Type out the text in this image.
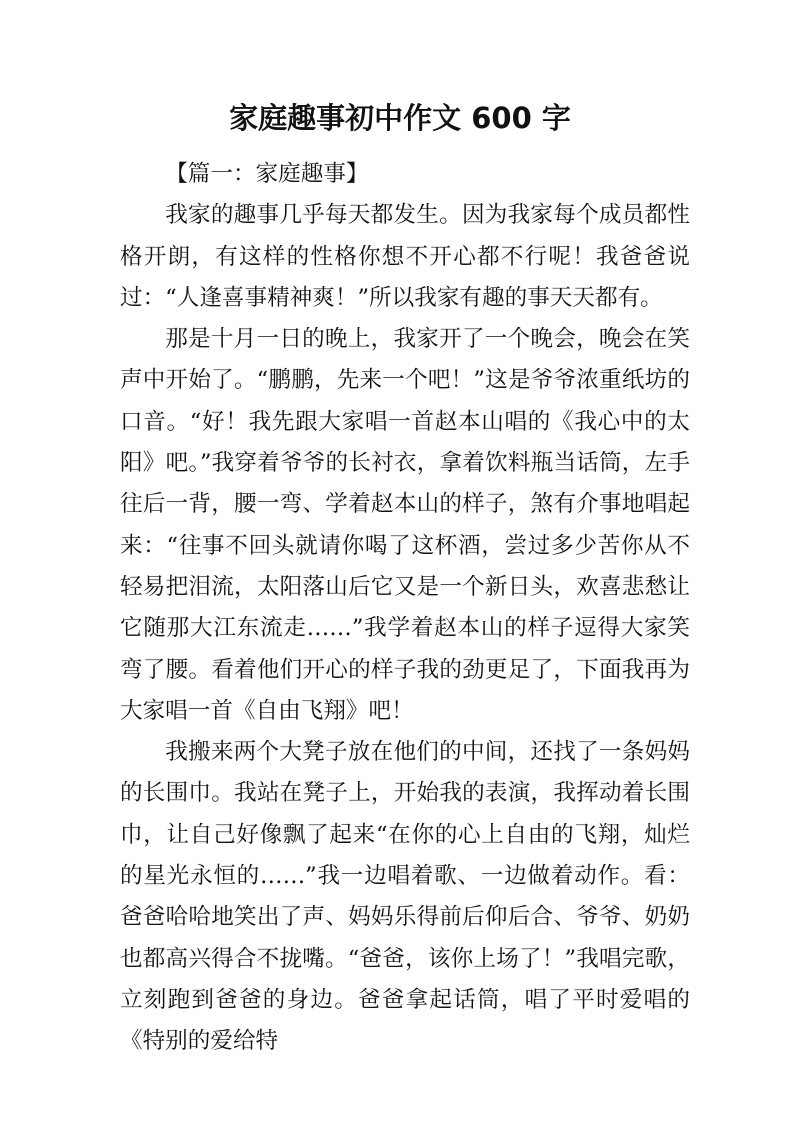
家庭趣事初中作文 600 字

【篇一：家庭趣事】

我家的趣事几乎每天都发生。因为我家每个成员都性格开朗，有这样的性格你想不开心都不行呢！我爸爸说过：“人逢喜事精神爽！”所以我家有趣的事天天都有。

那是十月一日的晚上，我家开了一个晚会，晚会在笑声中开始了。“鹏鹏，先来一个吧！”这是爷爷浓重纸坊的口音。“好！我先跟大家唱一首赵本山唱的《我心中的太阳》吧。”我穿着爷爷的长衬衣，拿着饮料瓶当话筒，左手往后一背，腰一弯、学着赵本山的样子，煞有介事地唱起来：“往事不回头就请你喝了这杯酒，尝过多少苦你从不轻易把泪流，太阳落山后它又是一个新日头，欢喜悲愁让它随那大江东流走……”我学着赵本山的样子逗得大家笑弯了腰。看着他们开心的样子我的劲更足了，下面我再为大家唱一首《自由飞翔》吧！

我搬来两个大凳子放在他们的中间，还找了一条妈妈的长围巾。我站在凳子上，开始我的表演，我挥动着长围巾，让自己好像飘了起来“在你的心上自由的飞翔，灿烂的星光永恒的……”我一边唱着歌、一边做着动作。看：爸爸哈哈地笑出了声、妈妈乐得前后仰后合、爷爷、奶奶也都高兴得合不拢嘴。“爸爸，该你上场了！”我唱完歌，立刻跑到爸爸的身边。爸爸拿起话筒，唱了平时爱唱的《特别的爱给特
